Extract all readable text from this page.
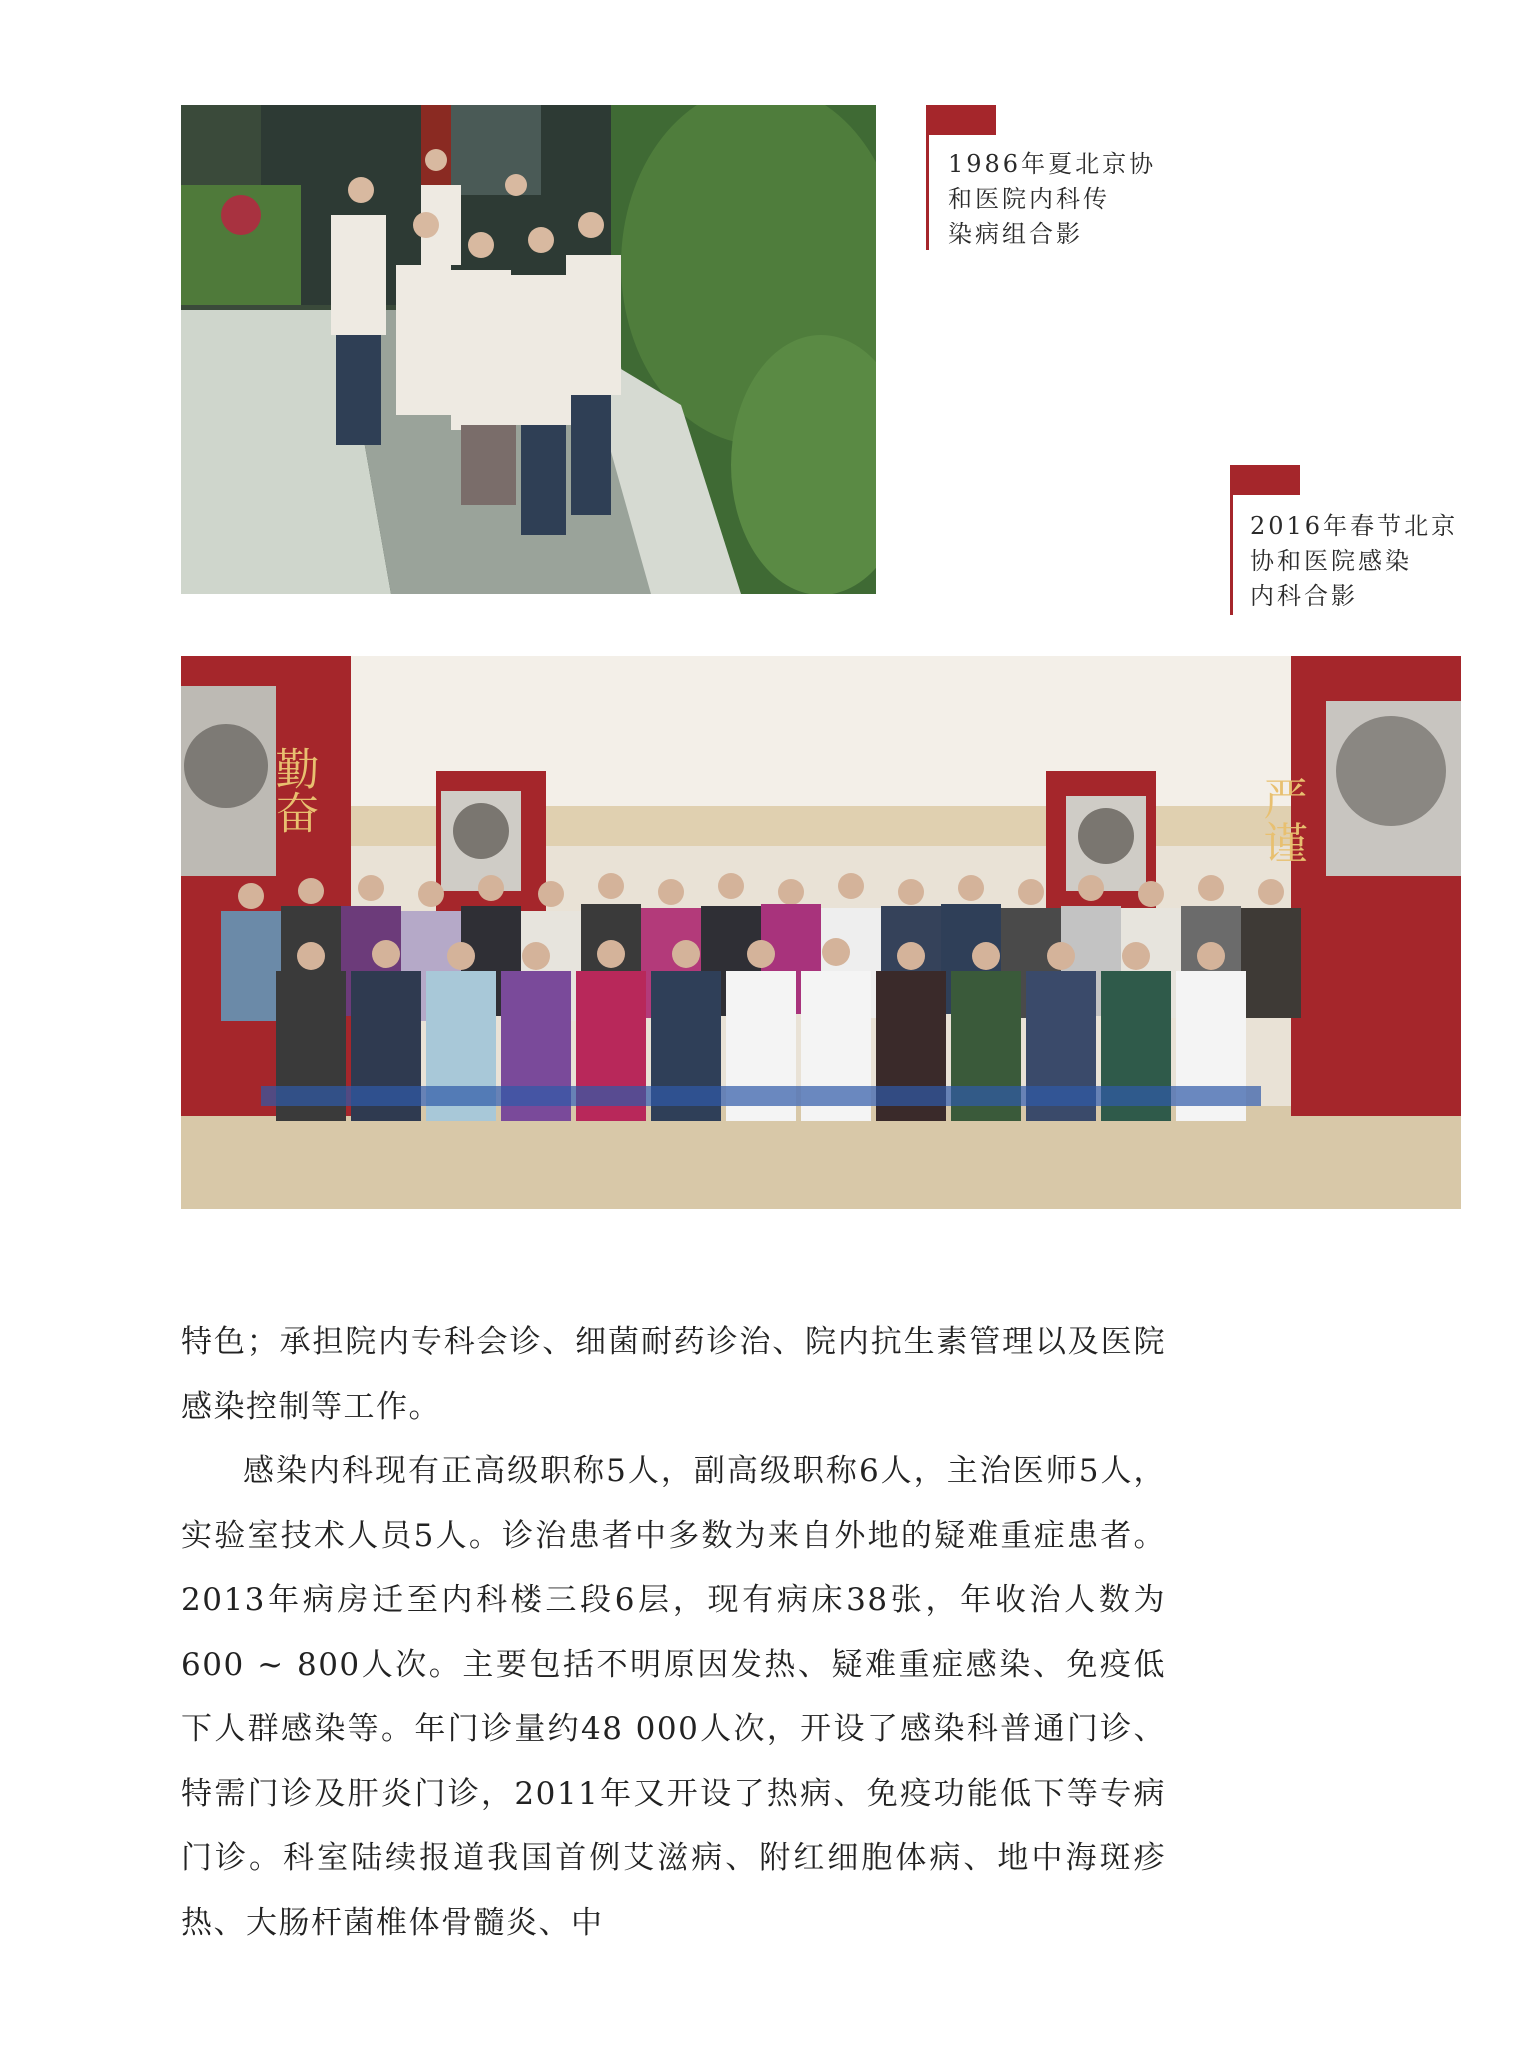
1986年夏北京协
和医院内科传
染病组合影

2016年春节北京
协和医院感染
内科合影

勤奋	严谨

特色；承担院内专科会诊、细菌耐药诊治、院内抗生素管理以及医院感染控制等工作。

感染内科现有正高级职称5人，副高级职称6人，主治医师5人，实验室技术人员5人。诊治患者中多数为来自外地的疑难重症患者。2013年病房迁至内科楼三段6层，现有病床38张，年收治人数为600 ~ 800人次。主要包括不明原因发热、疑难重症感染、免疫低下人群感染等。年门诊量约48 000人次，开设了感染科普通门诊、特需门诊及肝炎门诊，2011年又开设了热病、免疫功能低下等专病门诊。科室陆续报道我国首例艾滋病、附红细胞体病、地中海斑疹热、大肠杆菌椎体骨髓炎、中
